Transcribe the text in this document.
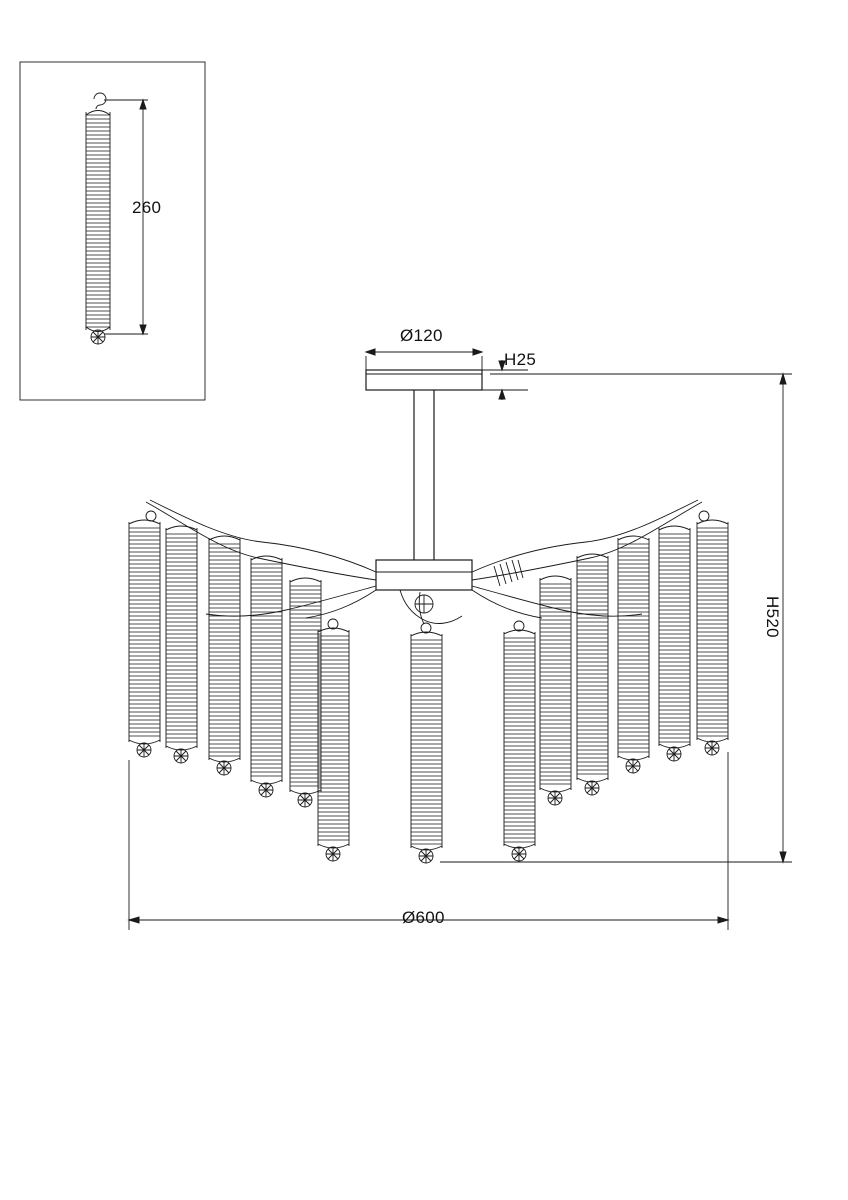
260
Ø120
H25
H520
Ø600
